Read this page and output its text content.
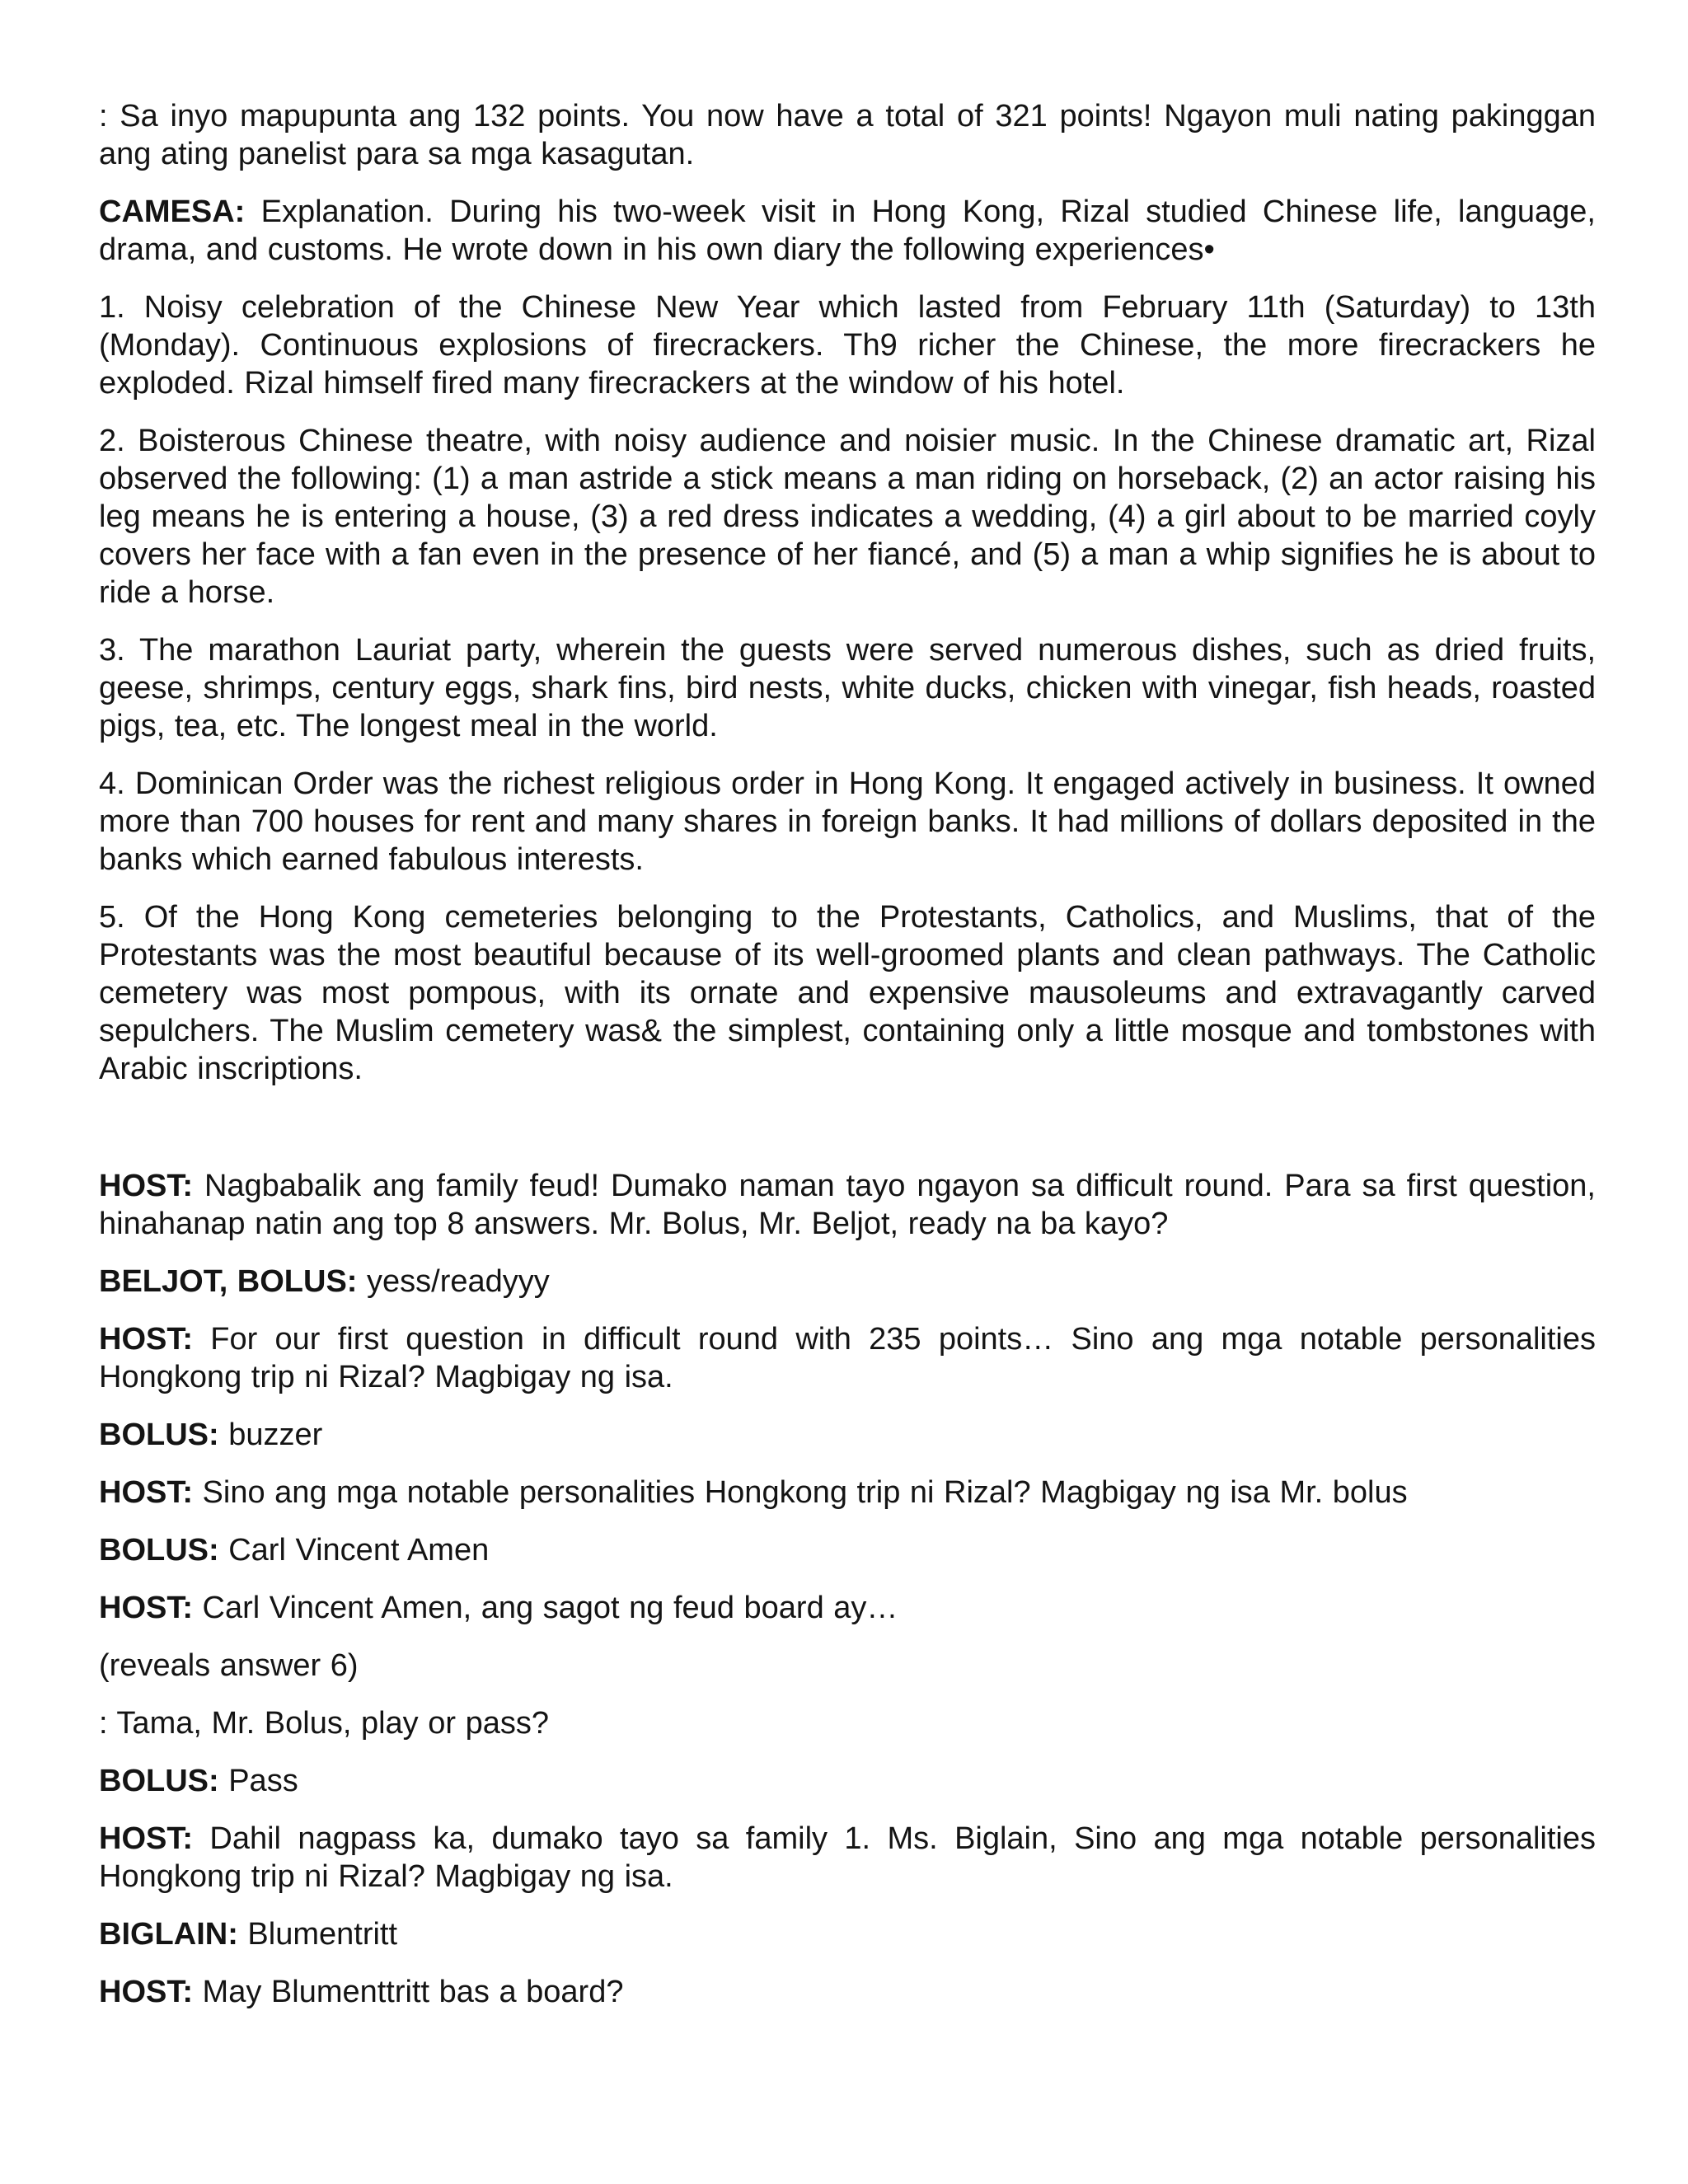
: Sa inyo mapupunta ang 132 points. You now have a total of 321 points! Ngayon muli nating pakinggan ang ating panelist para sa mga kasagutan.

CAMESA: Explanation. During his two-week visit in Hong Kong, Rizal studied Chinese life, language, drama, and customs. He wrote down in his own diary the following experiences•

1. Noisy celebration of the Chinese New Year which lasted from February 11th (Saturday) to 13th (Monday). Continuous explosions of firecrackers. Th9 richer the Chinese, the more firecrackers he exploded. Rizal himself fired many firecrackers at the window of his hotel.

2. Boisterous Chinese theatre, with noisy audience and noisier music. In the Chinese dramatic art, Rizal observed the following: (1) a man astride a stick means a man riding on horseback, (2) an actor raising his leg means he is entering a house, (3) a red dress indicates a wedding, (4) a girl about to be married coyly covers her face with a fan even in the presence of her fiancé, and (5) a man a whip signifies he is about to ride a horse.

3. The marathon Lauriat party, wherein the guests were served numerous dishes, such as dried fruits, geese, shrimps, century eggs, shark fins, bird nests, white ducks, chicken with vinegar, fish heads, roasted pigs, tea, etc. The longest meal in the world.

4. Dominican Order was the richest religious order in Hong Kong. It engaged actively in business. It owned more than 700 houses for rent and many shares in foreign banks. It had millions of dollars deposited in the banks which earned fabulous interests.

5. Of the Hong Kong cemeteries belonging to the Protestants, Catholics, and Muslims, that of the Protestants was the most beautiful because of its well-groomed plants and clean pathways. The Catholic cemetery was most pompous, with its ornate and expensive mausoleums and extravagantly carved sepulchers. The Muslim cemetery was& the simplest, containing only a little mosque and tombstones with Arabic inscriptions.

HOST: Nagbabalik ang family feud! Dumako naman tayo ngayon sa difficult round. Para sa first question, hinahanap natin ang top 8 answers. Mr. Bolus, Mr. Beljot, ready na ba kayo?

BELJOT, BOLUS: yess/readyyy

HOST: For our first question in difficult round with 235 points… Sino ang mga notable personalities Hongkong trip ni Rizal? Magbigay ng isa.

BOLUS: buzzer

HOST: Sino ang mga notable personalities Hongkong trip ni Rizal? Magbigay ng isa Mr. bolus

BOLUS: Carl Vincent Amen

HOST: Carl Vincent Amen, ang sagot ng feud board ay…

(reveals answer 6)

: Tama, Mr. Bolus, play or pass?

BOLUS: Pass

HOST: Dahil nagpass ka, dumako tayo sa family 1. Ms. Biglain, Sino ang mga notable personalities Hongkong trip ni Rizal? Magbigay ng isa.

BIGLAIN: Blumentritt

HOST: May Blumenttritt bas a board?
